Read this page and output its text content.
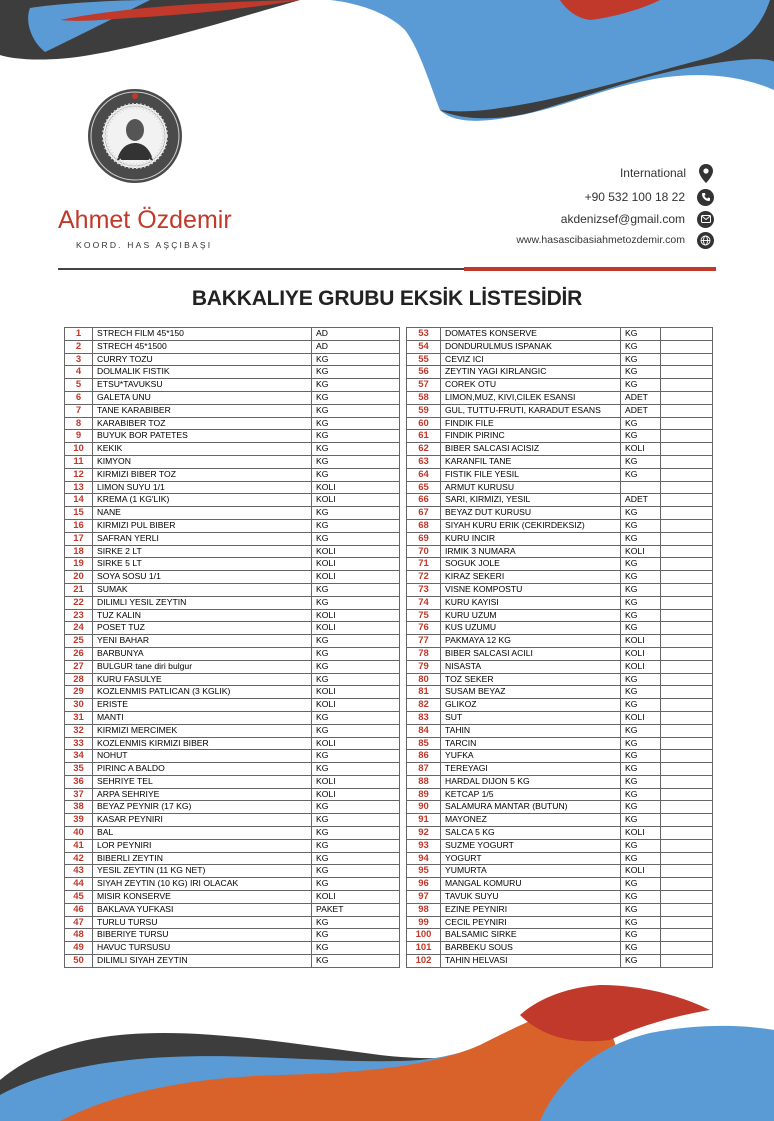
Ahmet Özdemir
KOORD. HAS AŞÇIBAŞI
International
+90 532 100 18 22
akdenizsef@gmail.com
www.hasascibasiahmetozdemir.com
BAKKALIYE GRUBU EKSİK LİSTESİDİR
1	STRECH FILM 45*150	AD
2	STRECH 45*1500	AD
3	CURRY TOZU	KG
4	DOLMALIK FISTIK	KG
5	ETSU*TAVUKSU	KG
6	GALETA UNU	KG
7	TANE KARABIBER	KG
8	KARABIBER TOZ	KG
9	BUYUK BOR PATETES	KG
10	KEKIK	KG
11	KIMYON	KG
12	KIRMIZI BIBER TOZ	KG
13	LIMON SUYU 1/1	KOLI
14	KREMA (1 KG'LIK)	KOLI
15	NANE	KG
16	KIRMIZI PUL BIBER	KG
17	SAFRAN YERLI	KG
18	SIRKE 2 LT	KOLI
19	SIRKE 5 LT	KOLI
20	SOYA SOSU 1/1	KOLI
21	SUMAK	KG
22	DILIMLI YESIL ZEYTIN	KG
23	TUZ KALIN	KOLI
24	POSET TUZ	KOLI
25	YENI BAHAR	KG
26	BARBUNYA	KG
27	BULGUR tane diri bulgur	KG
28	KURU FASULYE	KG
29	KOZLENMIS PATLICAN (3 KGLIK)	KOLI
30	ERISTE	KOLI
31	MANTI	KG
32	KIRMIZI MERCIMEK	KG
33	KOZLENMIS KIRMIZI BIBER	KOLI
34	NOHUT	KG
35	PIRINC A BALDO	KG
36	SEHRIYE TEL	KOLI
37	ARPA SEHRIYE	KOLI
38	BEYAZ PEYNIR (17 KG)	KG
39	KASAR PEYNIRI	KG
40	BAL	KG
41	LOR PEYNIRI	KG
42	BIBERLI ZEYTIN	KG
43	YESIL ZEYTIN (11 KG NET)	KG
44	SIYAH ZEYTIN (10 KG) IRI OLACAK	KG
45	MISIR KONSERVE	KOLI
46	BAKLAVA YUFKASI	PAKET
47	TURLU TURSU	KG
48	BIBERIYE TURSU	KG
49	HAVUC TURSUSU	KG
50	DILIMLI SIYAH ZEYTIN	KG
53	DOMATES KONSERVE	KG	
54	DONDURULMUS ISPANAK	KG	
55	CEVIZ ICI	KG	
56	ZEYTIN YAGI KIRLANGIC	KG	
57	COREK OTU	KG	
58	LIMON,MUZ, KIVI,CILEK ESANSI	ADET	
59	GUL, TUTTU-FRUTI, KARADUT ESANS	ADET	
60	FINDIK FILE	KG	
61	FINDIK PIRINC	KG	
62	BIBER SALCASI ACISIZ	KOLI	
63	KARANFIL TANE	KG	
64	FISTIK FILE YESIL	KG	
65	ARMUT KURUSU		
66	SARI, KIRMIZI, YESIL	ADET	
67	BEYAZ DUT KURUSU	KG	
68	SIYAH KURU ERIK (CEKIRDEKSIZ)	KG	
69	KURU INCIR	KG	
70	IRMIK 3 NUMARA	KOLI	
71	SOGUK JOLE	KG	
72	KIRAZ SEKERI	KG	
73	VISNE KOMPOSTU	KG	
74	KURU KAYISI	KG	
75	KURU UZUM	KG	
76	KUS UZUMU	KG	
77	PAKMAYA 12 KG	KOLI	
78	BIBER SALCASI ACILI	KOLI	
79	NISASTA	KOLI	
80	TOZ SEKER	KG	
81	SUSAM BEYAZ	KG	
82	GLIKOZ	KG	
83	SUT	KOLI	
84	TAHIN	KG	
85	TARCIN	KG	
86	YUFKA	KG	
87	TEREYAGI	KG	
88	HARDAL DIJON 5 KG	KG	
89	KETCAP 1/5	KG	
90	SALAMURA MANTAR (BUTUN)	KG	
91	MAYONEZ	KG	
92	SALCA 5 KG	KOLI	
93	SUZME YOGURT	KG	
94	YOGURT	KG	
95	YUMURTA	KOLI	
96	MANGAL KOMURU	KG	
97	TAVUK SUYU	KG	
98	EZINE PEYNIRI	KG	
99	CECIL PEYNIRI	KG	
100	BALSAMIC SIRKE	KG	
101	BARBEKU SOUS	KG	
102	TAHIN HELVASI	KG	
